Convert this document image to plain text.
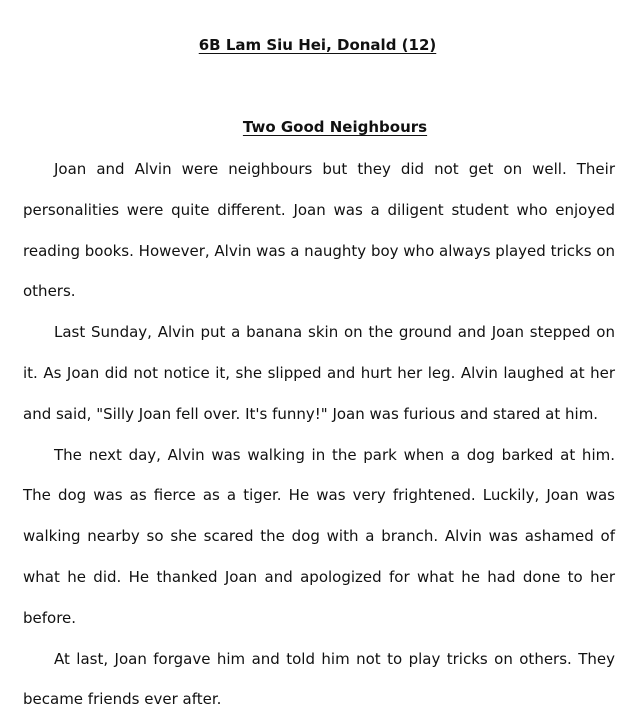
6B Lam Siu Hei, Donald (12)
Two Good Neighbours

Joan and Alvin were neighbours but they did not get on well. Their personalities were quite different. Joan was a diligent student who enjoyed reading books. However, Alvin was a naughty boy who always played tricks on others.

Last Sunday, Alvin put a banana skin on the ground and Joan stepped on it. As Joan did not notice it, she slipped and hurt her leg. Alvin laughed at her and said, "Silly Joan fell over. It's funny!" Joan was furious and stared at him.

The next day, Alvin was walking in the park when a dog barked at him. The dog was as fierce as a tiger. He was very frightened. Luckily, Joan was walking nearby so she scared the dog with a branch. Alvin was ashamed of what he did. He thanked Joan and apologized for what he had done to her before.

At last, Joan forgave him and told him not to play tricks on others. They became friends ever after.
